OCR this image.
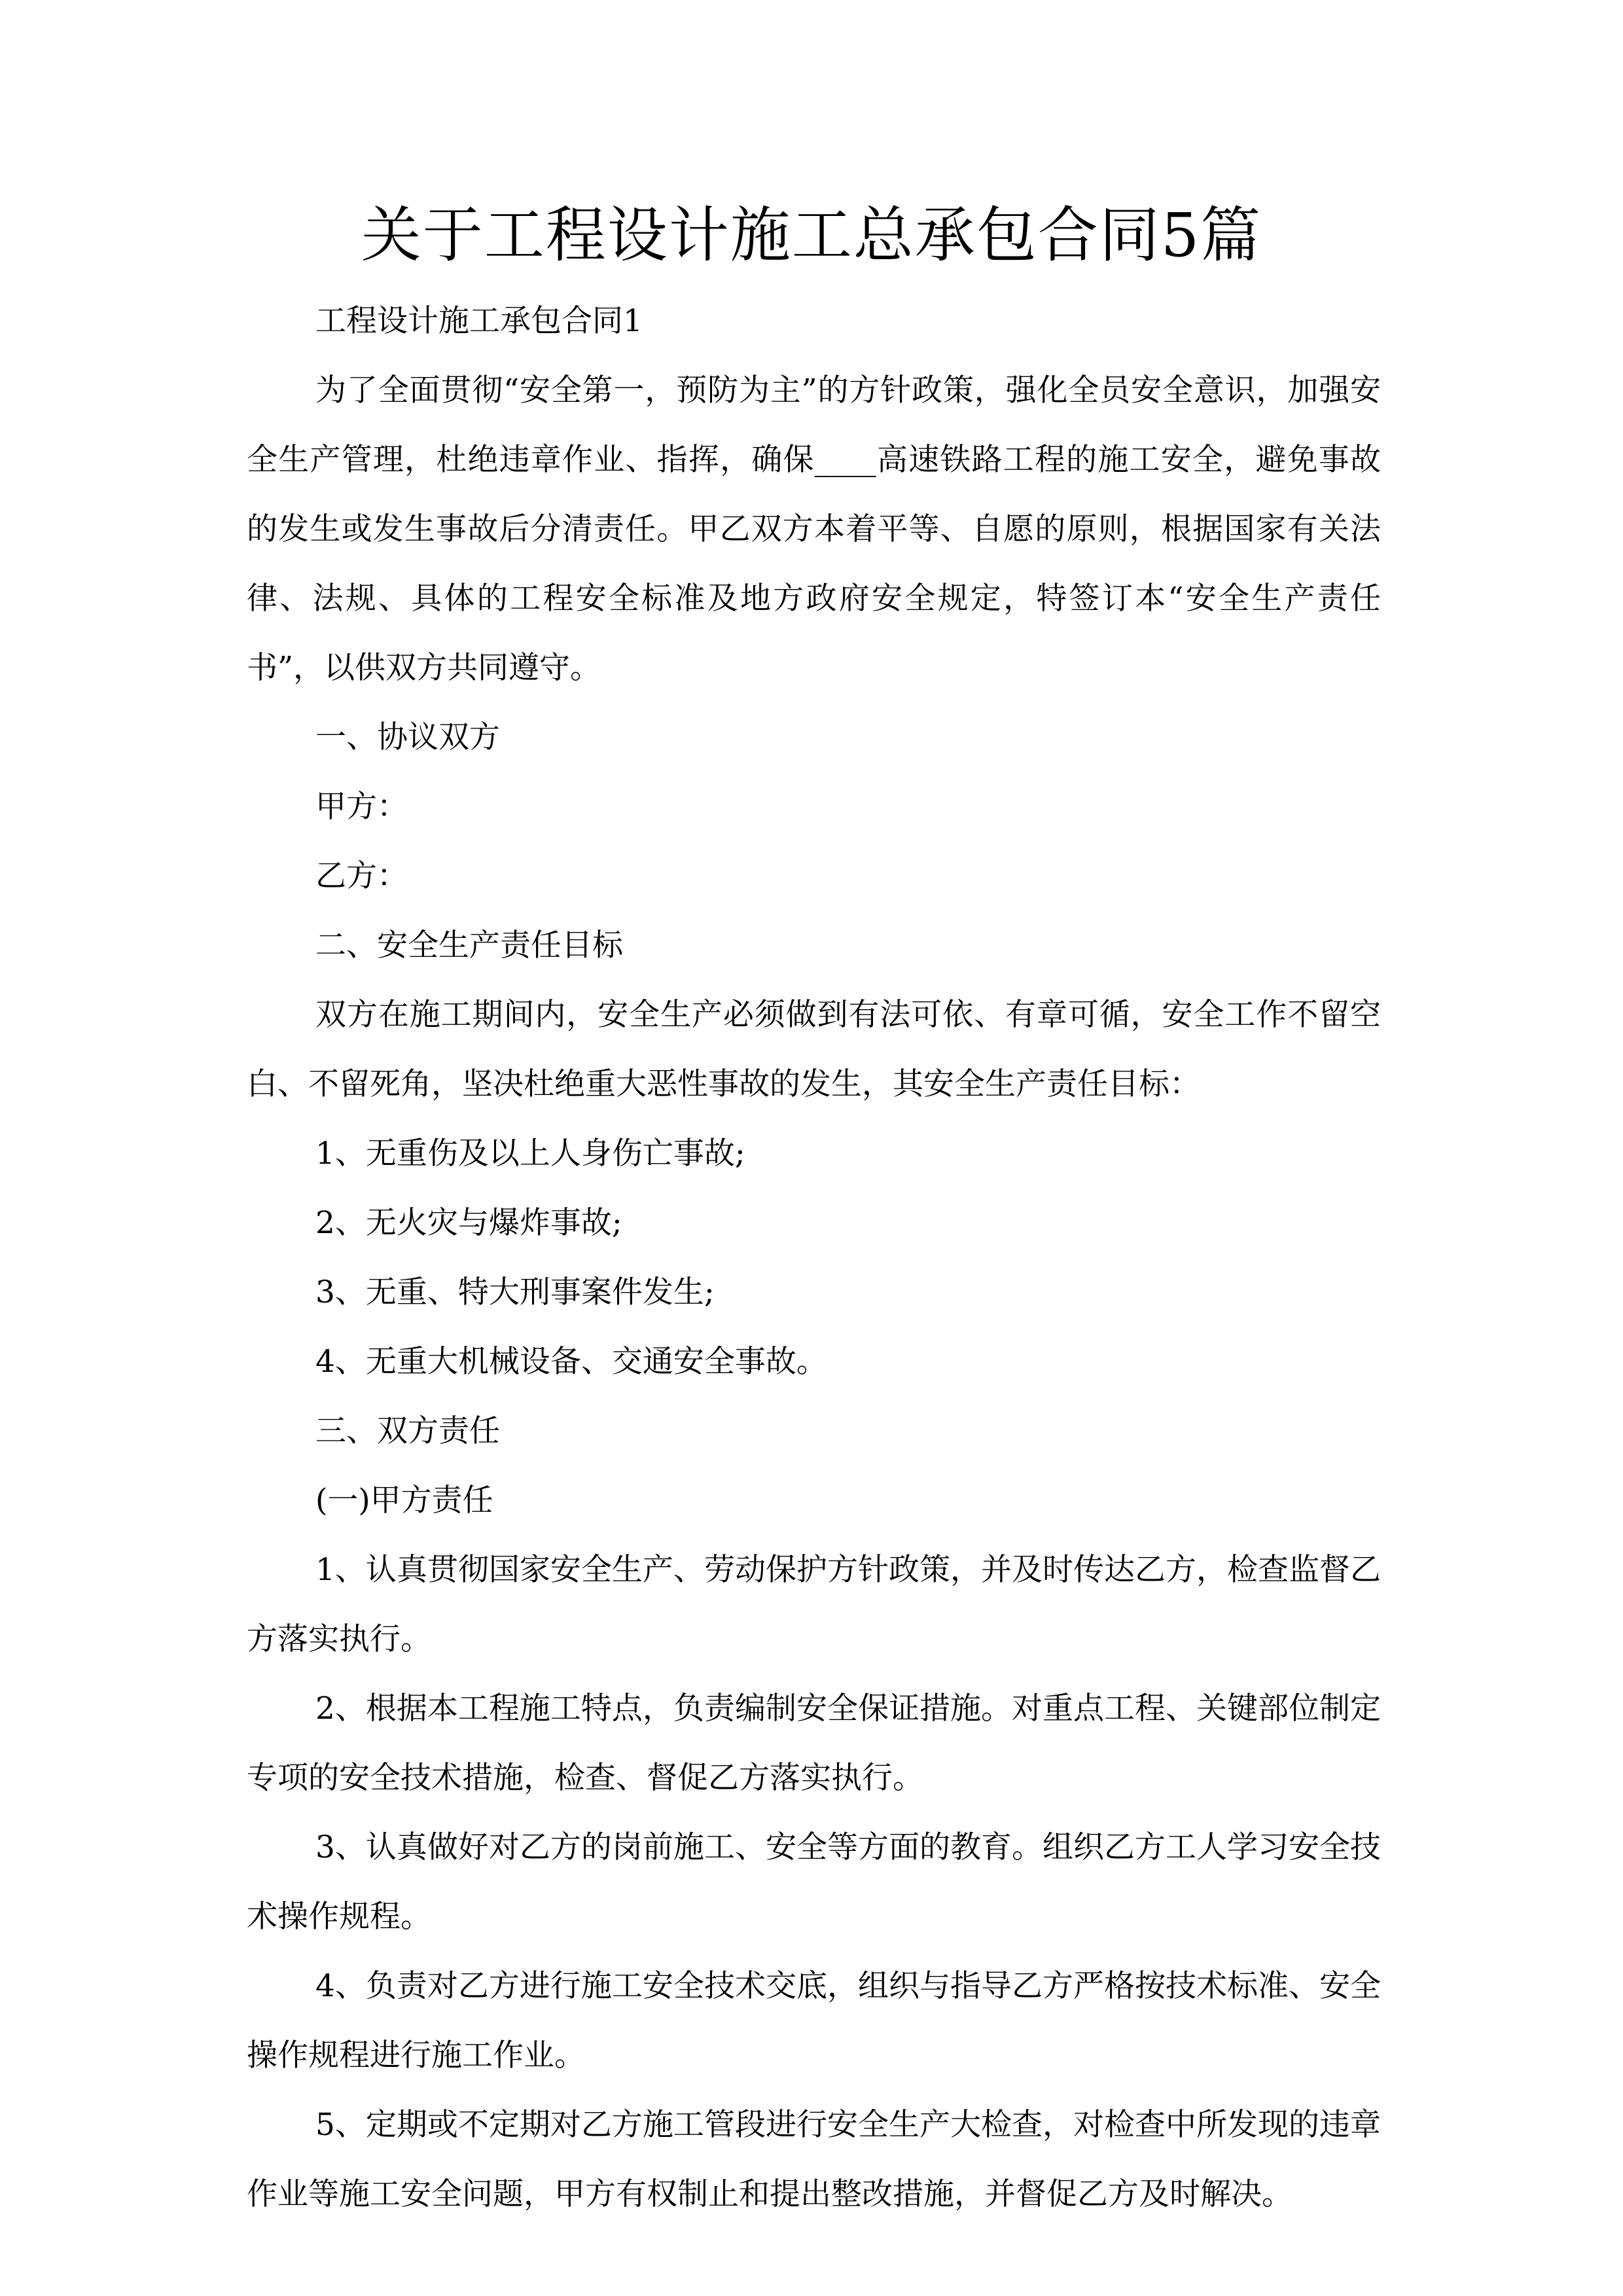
关于工程设计施工总承包合同5篇

工程设计施工承包合同1

为了全面贯彻“安全第一，预防为主”的方针政策，强化全员安全意识，加强安全生产管理，杜绝违章作业、指挥，确保____高速铁路工程的施工安全，避免事故的发生或发生事故后分清责任。甲乙双方本着平等、自愿的原则，根据国家有关法律、法规、具体的工程安全标准及地方政府安全规定，特签订本“安全生产责任书”，以供双方共同遵守。

一、协议双方

甲方：

乙方：

二、安全生产责任目标

双方在施工期间内，安全生产必须做到有法可依、有章可循，安全工作不留空白、不留死角，坚决杜绝重大恶性事故的发生，其安全生产责任目标：

1、无重伤及以上人身伤亡事故;

2、无火灾与爆炸事故;

3、无重、特大刑事案件发生;

4、无重大机械设备、交通安全事故。

三、双方责任

(一)甲方责任

1、认真贯彻国家安全生产、劳动保护方针政策，并及时传达乙方，检查监督乙方落实执行。

2、根据本工程施工特点，负责编制安全保证措施。对重点工程、关键部位制定专项的安全技术措施，检查、督促乙方落实执行。

3、认真做好对乙方的岗前施工、安全等方面的教育。组织乙方工人学习安全技术操作规程。

4、负责对乙方进行施工安全技术交底，组织与指导乙方严格按技术标准、安全操作规程进行施工作业。

5、定期或不定期对乙方施工管段进行安全生产大检查，对检查中所发现的违章作业等施工安全问题，甲方有权制止和提出整改措施，并督促乙方及时解决。
